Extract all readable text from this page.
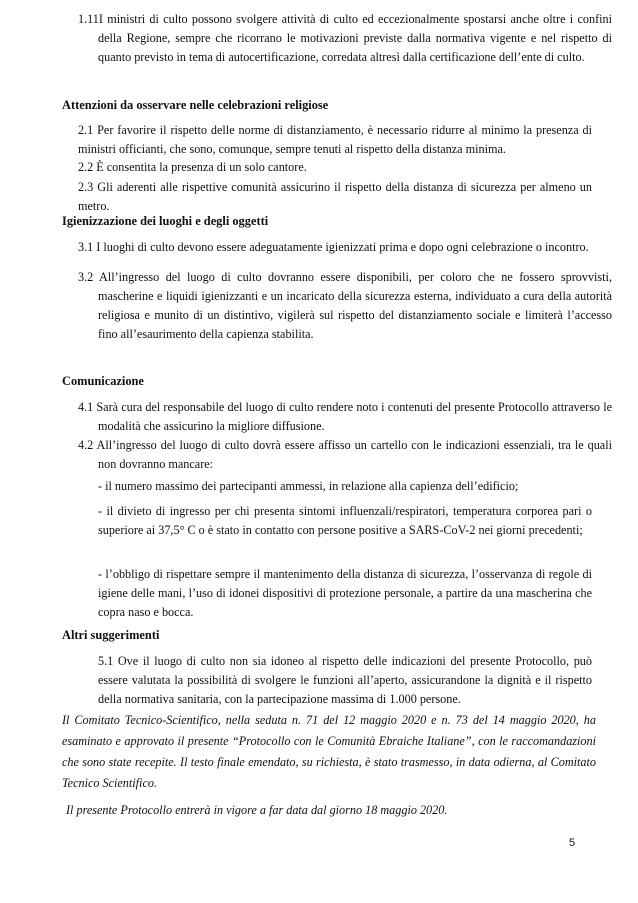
1.11I ministri di culto possono svolgere attività di culto ed eccezionalmente spostarsi anche oltre i confini della Regione, sempre che ricorrano le motivazioni previste dalla normativa vigente e nel rispetto di quanto previsto in tema di autocertificazione, corredata altresì dalla certificazione dell’ente di culto.
Attenzioni da osservare nelle celebrazioni religiose
2.1 Per favorire il rispetto delle norme di distanziamento, è necessario ridurre al minimo la presenza di ministri officianti, che sono, comunque, sempre tenuti al rispetto della distanza minima.
2.2 È consentita la presenza di un solo cantore.
2.3 Gli aderenti alle rispettive comunità assicurino il rispetto della distanza di sicurezza per almeno un metro.
Igienizzazione dei luoghi e degli oggetti
3.1 I luoghi di culto devono essere adeguatamente igienizzati prima e dopo ogni celebrazione o incontro.
3.2 All’ingresso del luogo di culto dovranno essere disponibili, per coloro che ne fossero sprovvisti, mascherine e liquidi igienizzanti e un incaricato della sicurezza esterna, individuato a cura della autorità religiosa e munito di un distintivo, vigilerà sul rispetto del distanziamento sociale e limiterà l’accesso fino all’esaurimento della capienza stabilita.
Comunicazione
4.1 Sarà cura del responsabile del luogo di culto rendere noto i contenuti del presente Protocollo attraverso le modalità che assicurino la migliore diffusione.
4.2 All’ingresso del luogo di culto dovrà essere affisso un cartello con le indicazioni essenziali, tra le quali non dovranno mancare:
- il numero massimo dei partecipanti ammessi, in relazione alla capienza dell’edificio;
- il divieto di ingresso per chi presenta sintomi influenzali/respiratori, temperatura corporea pari o superiore ai 37,5° C o è stato in contatto con persone positive a SARS-CoV-2 nei giorni precedenti;
- l’obbligo di rispettare sempre il mantenimento della distanza di sicurezza, l’osservanza di regole di igiene delle mani, l’uso di idonei dispositivi di protezione personale, a partire da una mascherina che copra naso e bocca.
Altri suggerimenti
5.1 Ove il luogo di culto non sia idoneo al rispetto delle indicazioni del presente Protocollo, può essere valutata la possibilità di svolgere le funzioni all’aperto, assicurandone la dignità e il rispetto della normativa sanitaria, con la partecipazione massima di 1.000 persone.
Il Comitato Tecnico-Scientifico, nella seduta n. 71 del 12 maggio 2020 e n. 73 del 14 maggio 2020, ha esaminato e approvato il presente “Protocollo con le Comunità Ebraiche Italiane”, con le raccomandazioni che sono state recepite. Il testo finale emendato, su richiesta, è stato trasmesso, in data odierna, al Comitato Tecnico Scientifico.
Il presente Protocollo entrerà in vigore a far data dal giorno 18 maggio 2020.
5
